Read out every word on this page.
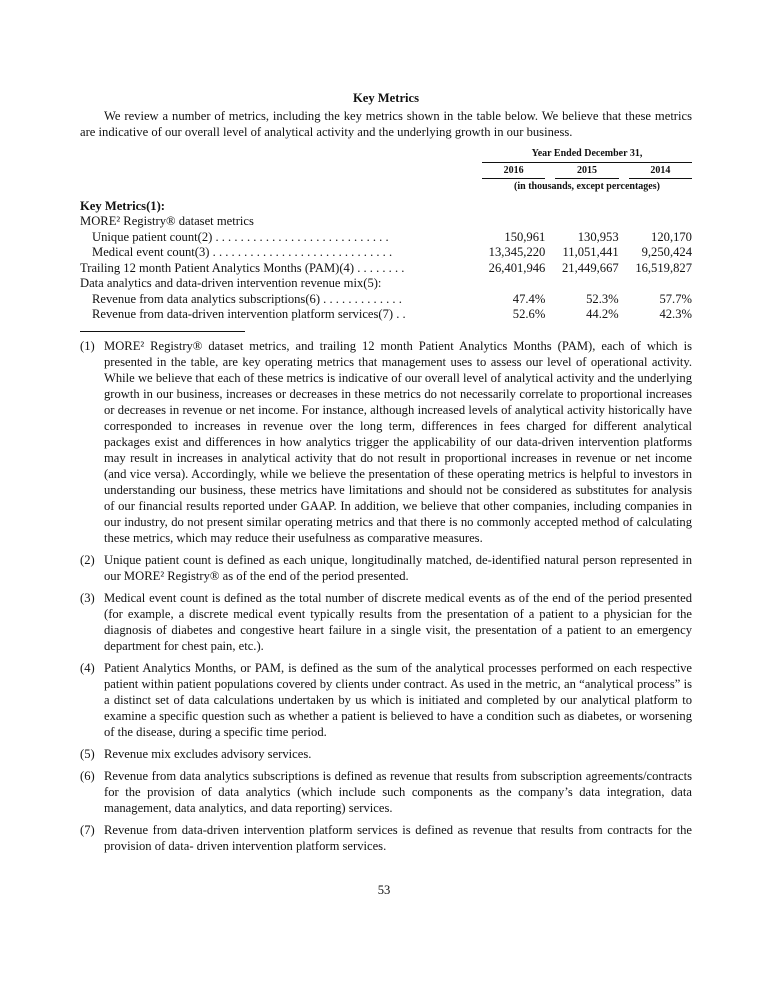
Key Metrics

We review a number of metrics, including the key metrics shown in the table below. We believe that these metrics are indicative of our overall level of analytical activity and the underlying growth in our business.

	Year Ended December 31,					
	2016		2015		2014	
	(in thousands, except percentages)					
Key Metrics(1):						
MORE² Registry® dataset metrics						
Unique patient count(2) . . . . . . . . . . . . . . . . . . . . . . . . . . . .	150,961		130,953		120,170	
Medical event count(3) . . . . . . . . . . . . . . . . . . . . . . . . . . . . .	13,345,220		11,051,441		9,250,424	
Trailing 12 month Patient Analytics Months (PAM)(4) . . . . . . . .	26,401,946		21,449,667		16,519,827	
Data analytics and data-driven intervention revenue mix(5):						
Revenue from data analytics subscriptions(6) . . . . . . . . . . . . .	47.4%		52.3%		57.7%	
Revenue from data-driven intervention platform services(7) . .	52.6%		44.2%		42.3%	
(1) MORE² Registry® dataset metrics, and trailing 12 month Patient Analytics Months (PAM), each of which is presented in the table, are key operating metrics that management uses to assess our level of operational activity. While we believe that each of these metrics is indicative of our overall level of analytical activity and the underlying growth in our business, increases or decreases in these metrics do not necessarily correlate to proportional increases or decreases in revenue or net income. For instance, although increased levels of analytical activity historically have corresponded to increases in revenue over the long term, differences in fees charged for different analytical packages exist and differences in how analytics trigger the applicability of our data-driven intervention platforms may result in increases in analytical activity that do not result in proportional increases in revenue or net income (and vice versa). Accordingly, while we believe the presentation of these operating metrics is helpful to investors in understanding our business, these metrics have limitations and should not be considered as substitutes for analysis of our financial results reported under GAAP. In addition, we believe that other companies, including companies in our industry, do not present similar operating metrics and that there is no commonly accepted method of calculating these metrics, which may reduce their usefulness as comparative measures.
(2) Unique patient count is defined as each unique, longitudinally matched, de-identified natural person represented in our MORE² Registry® as of the end of the period presented.
(3) Medical event count is defined as the total number of discrete medical events as of the end of the period presented (for example, a discrete medical event typically results from the presentation of a patient to a physician for the diagnosis of diabetes and congestive heart failure in a single visit, the presentation of a patient to an emergency department for chest pain, etc.).
(4) Patient Analytics Months, or PAM, is defined as the sum of the analytical processes performed on each respective patient within patient populations covered by clients under contract. As used in the metric, an “analytical process” is a distinct set of data calculations undertaken by us which is initiated and completed by our analytical platform to examine a specific question such as whether a patient is believed to have a condition such as diabetes, or worsening of the disease, during a specific time period.
(5) Revenue mix excludes advisory services.
(6) Revenue from data analytics subscriptions is defined as revenue that results from subscription agreements/contracts for the provision of data analytics (which include such components as the company’s data integration, data management, data analytics, and data reporting) services.
(7) Revenue from data-driven intervention platform services is defined as revenue that results from contracts for the provision of data- driven intervention platform services.
53
